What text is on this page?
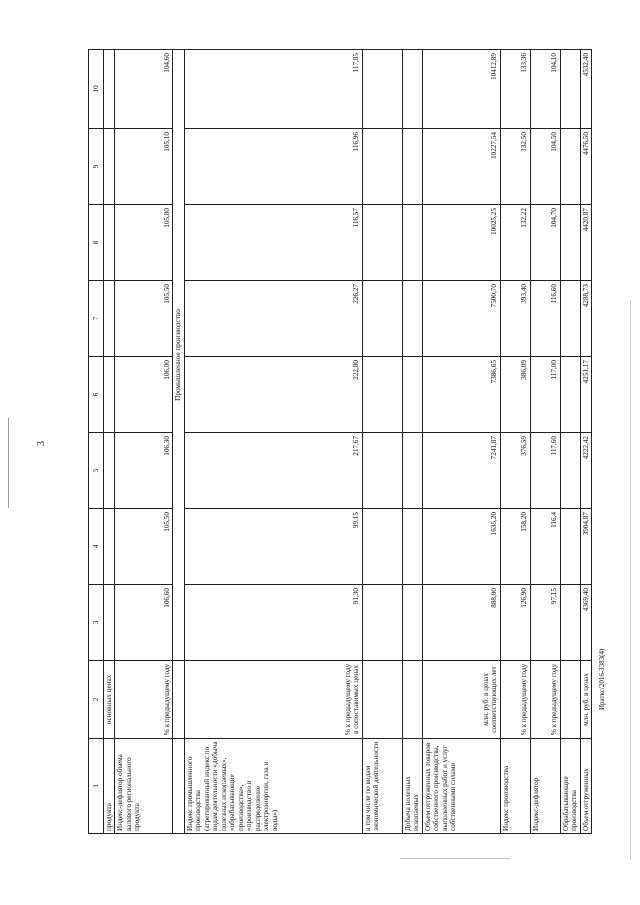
3
Ираткс/2016-3383(4)
1	2	3	4	5	6	7	8	9	10
продукта	основных ценах								
Индекс-дефлятор объема валового регионального продукта	% к предыдущему году	106,60	105,50	106,30	106,00	105,50	105,80	105,10	104,60
		Промышленное производство							
Индекс промышленного производства (агрегированный индекс по видам деятельности «добыча полезных ископаемых», «обрабатывающие производства», «производство и распределение электроэнергии, газа и воды»)	% к предыдущему году в сопоставимых ценах	91,30	99,15	217,67	222,80	226,27	116,57	116,96	117,85
в том числе по видам экономической деятельности									
Добыча полезных ископаемых									
Объем отгруженных товаров собственного производства, выполненных работ и услуг собственными силами	млн. руб. в ценах соответствующих лет	888,00	1635,20	7241,87	7386,65	7500,70	10025,25	10227,54	10412,89
Индекс производства	% к предыдущему году	126,90	158,20	376,59	386,09	393,40	132,22	132,50	133,36
Индекс-дефлятор	% к предыдущему году	97,15	116,4	117,60	117,00	116,60	104,70	104,50	104,10
Обрабатывающие производства									
Объем отгруженных	млн. руб. в ценах	4369,40	3904,87	4222,42	4251,17	4288,73	4420,87	4476,50	4532,40
